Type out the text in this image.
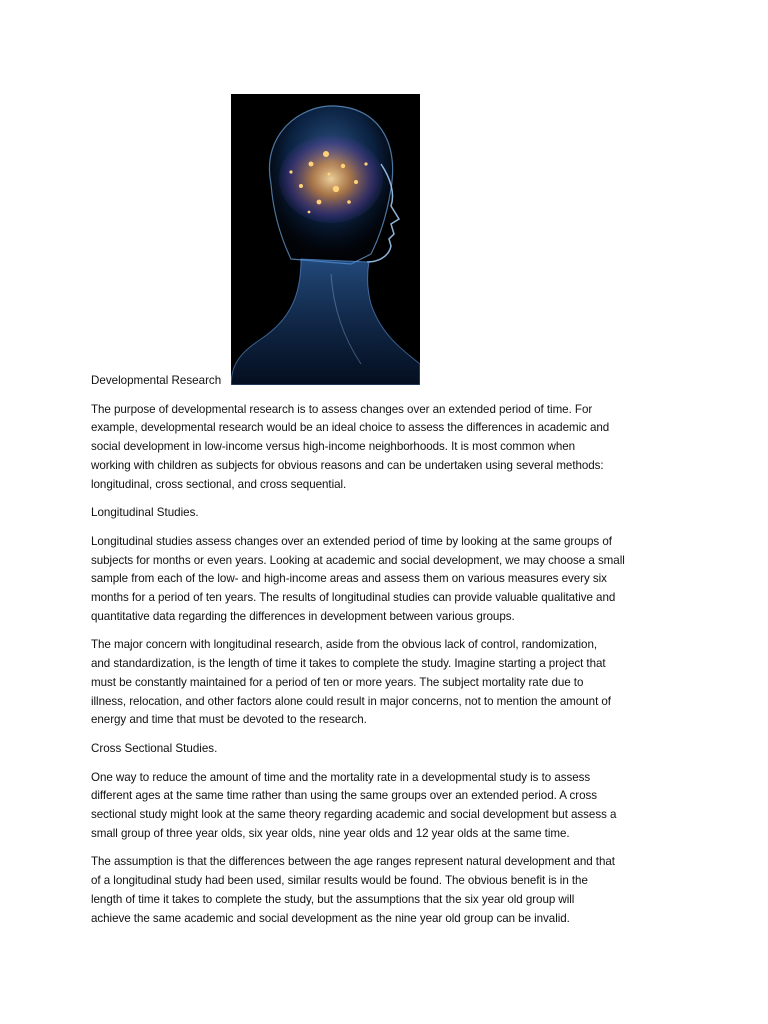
Developmental Research
The purpose of developmental research is to assess changes over an extended period of time. For
example, developmental research would be an ideal choice to assess the differences in academic and
social development in low-income versus high-income neighborhoods. It is most common when
working with children as subjects for obvious reasons and can be undertaken using several methods:
longitudinal, cross sectional, and cross sequential.
Longitudinal Studies.
Longitudinal studies assess changes over an extended period of time by looking at the same groups of
subjects for months or even years. Looking at academic and social development, we may choose a small
sample from each of the low- and high-income areas and assess them on various measures every six
months for a period of ten years. The results of longitudinal studies can provide valuable qualitative and
quantitative data regarding the differences in development between various groups.
The major concern with longitudinal research, aside from the obvious lack of control, randomization,
and standardization, is the length of time it takes to complete the study. Imagine starting a project that
must be constantly maintained for a period of ten or more years. The subject mortality rate due to
illness, relocation, and other factors alone could result in major concerns, not to mention the amount of
energy and time that must be devoted to the research.
Cross Sectional Studies.
One way to reduce the amount of time and the mortality rate in a developmental study is to assess
different ages at the same time rather than using the same groups over an extended period. A cross
sectional study might look at the same theory regarding academic and social development but assess a
small group of three year olds, six year olds, nine year olds and 12 year olds at the same time.
The assumption is that the differences between the age ranges represent natural development and that
of a longitudinal study had been used, similar results would be found. The obvious benefit is in the
length of time it takes to complete the study, but the assumptions that the six year old group will
achieve the same academic and social development as the nine year old group can be invalid.
